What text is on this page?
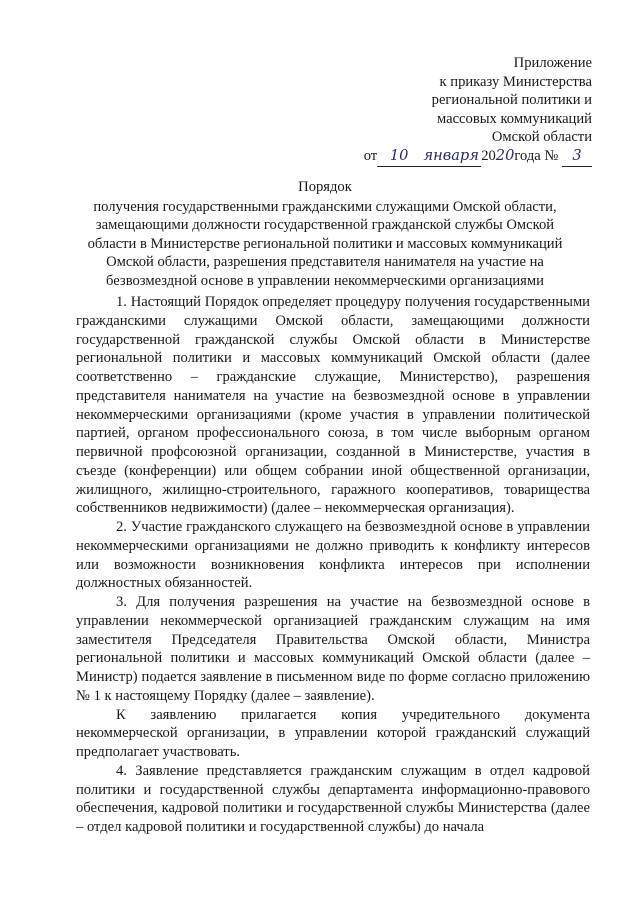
Приложение
к приказу Министерства
региональной политики и
массовых коммуникаций
Омской области
от 10 января 2020года № 3
Порядок
получения государственными гражданскими служащими Омской области,
замещающими должности государственной гражданской службы Омской
области в Министерстве региональной политики и массовых коммуникаций
Омской области, разрешения представителя нанимателя на участие на
безвозмездной основе в управлении некоммерческими организациями

1. Настоящий Порядок определяет процедуру получения государственными гражданскими служащими Омской области, замещающими должности государственной гражданской службы Омской области в Министерстве региональной политики и массовых коммуникаций Омской области (далее соответственно – гражданские служащие, Министерство), разрешения представителя нанимателя на участие на безвозмездной основе в управлении некоммерческими организациями (кроме участия в управлении политической партией, органом профессионального союза, в том числе выборным органом первичной профсоюзной организации, созданной в Министерстве, участия в съезде (конференции) или общем собрании иной общественной организации, жилищного, жилищно-строительного, гаражного кооперативов, товарищества собственников недвижимости) (далее – некоммерческая организация).

2. Участие гражданского служащего на безвозмездной основе в управлении некоммерческими организациями не должно приводить к конфликту интересов или возможности возникновения конфликта интересов при исполнении должностных обязанностей.

3. Для получения разрешения на участие на безвозмездной основе в управлении некоммерческой организацией гражданским служащим на имя заместителя Председателя Правительства Омской области, Министра региональной политики и массовых коммуникаций Омской области (далее – Министр) подается заявление в письменном виде по форме согласно приложению № 1 к настоящему Порядку (далее – заявление).

К заявлению прилагается копия учредительного документа некоммерческой организации, в управлении которой гражданский служащий предполагает участвовать.

4. Заявление представляется гражданским служащим в отдел кадровой политики и государственной службы департамента информационно-правового обеспечения, кадровой политики и государственной службы Министерства (далее – отдел кадровой политики и государственной службы) до начала
